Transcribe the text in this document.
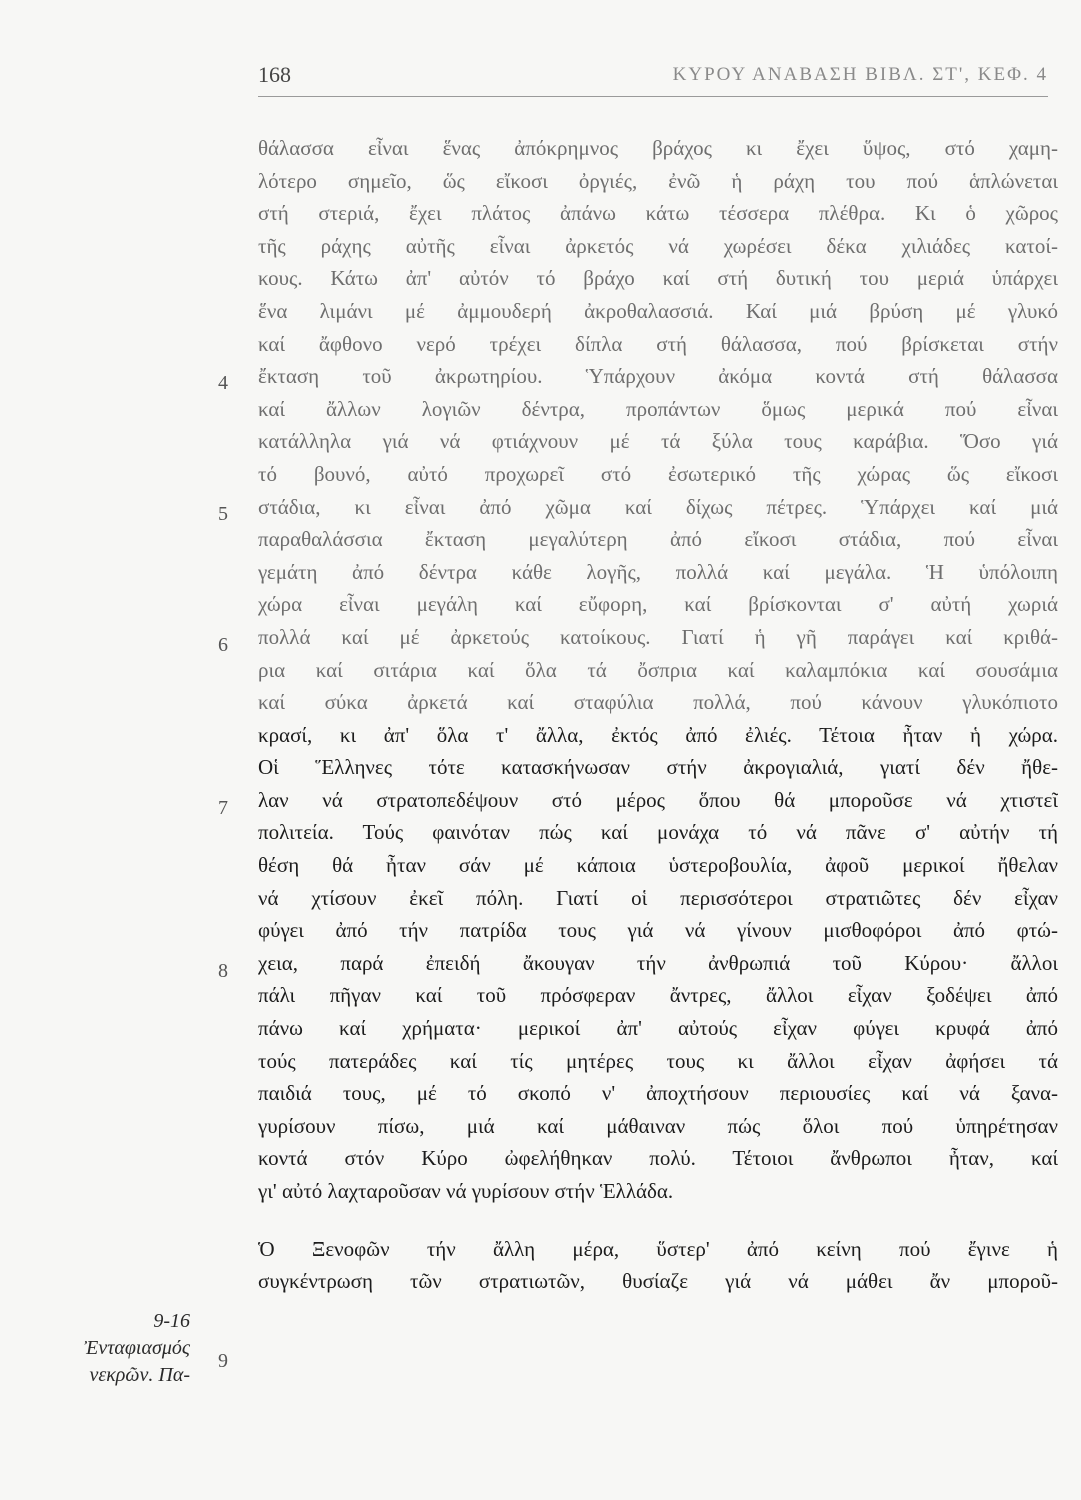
168	ΚΥΡΟΥ ΑΝΑΒΑΣΗ ΒΙΒΛ. ΣΤ', ΚΕΦ. 4
4
5
6
7
8
9
9-16
Ἐνταφιασμός
νεκρῶν. Πα-
θάλασσα εἶναι ἕνας ἀπόκρημνος βράχος κι ἔχει ὕψος, στό χαμη-
λότερο σημεῖο, ὥς εἴκοσι ὀργιές, ἐνῶ ἡ ράχη του πού ἁπλώνεται
στή στεριά, ἔχει πλάτος ἀπάνω κάτω τέσσερα πλέθρα. Κι ὁ χῶρος
τῆς ράχης αὐτῆς εἶναι ἀρκετός νά χωρέσει δέκα χιλιάδες κατοί-
κους. Κάτω ἀπ' αὐτόν τό βράχο καί στή δυτική του μεριά ὑπάρχει
ἕνα λιμάνι μέ ἀμμουδερή ἀκροθαλασσιά. Καί μιά βρύση μέ γλυκό
καί ἄφθονο νερό τρέχει δίπλα στή θάλασσα, πού βρίσκεται στήν
ἔκταση τοῦ ἀκρωτηρίου. Ὑπάρχουν ἀκόμα κοντά στή θάλασσα
καί ἄλλων λογιῶν δέντρα, προπάντων ὅμως μερικά πού εἶναι
κατάλληλα γιά νά φτιάχνουν μέ τά ξύλα τους καράβια. Ὅσο γιά
τό βουνό, αὐτό προχωρεῖ στό ἐσωτερικό τῆς χώρας ὥς εἴκοσι
στάδια, κι εἶναι ἀπό χῶμα καί δίχως πέτρες. Ὑπάρχει καί μιά
παραθαλάσσια ἔκταση μεγαλύτερη ἀπό εἴκοσι στάδια, πού εἶναι
γεμάτη ἀπό δέντρα κάθε λογῆς, πολλά καί μεγάλα. Ἡ ὑπόλοιπη
χώρα εἶναι μεγάλη καί εὔφορη, καί βρίσκονται σ' αὐτή χωριά
πολλά καί μέ ἀρκετούς κατοίκους. Γιατί ἡ γῆ παράγει καί κριθά-
ρια καί σιτάρια καί ὅλα τά ὄσπρια καί καλαμπόκια καί σουσάμια
καί σύκα ἀρκετά καί σταφύλια πολλά, πού κάνουν γλυκόπιοτο
κρασί, κι ἀπ' ὅλα τ' ἄλλα, ἐκτός ἀπό ἐλιές. Τέτοια ἦταν ἡ χώρα.
Οἱ Ἕλληνες τότε κατασκήνωσαν στήν ἀκρογιαλιά, γιατί δέν ἤθε-
λαν νά στρατοπεδέψουν στό μέρος ὅπου θά μποροῦσε νά χτιστεῖ
πολιτεία. Τούς φαινόταν πώς καί μονάχα τό νά πᾶνε σ' αὐτήν τή
θέση θά ἦταν σάν μέ κάποια ὑστεροβουλία, ἀφοῦ μερικοί ἤθελαν
νά χτίσουν ἐκεῖ πόλη. Γιατί οἱ περισσότεροι στρατιῶτες δέν εἶχαν
φύγει ἀπό τήν πατρίδα τους γιά νά γίνουν μισθοφόροι ἀπό φτώ-
χεια, παρά ἐπειδή ἄκουγαν τήν ἀνθρωπιά τοῦ Κύρου· ἄλλοι
πάλι πῆγαν καί τοῦ πρόσφεραν ἄντρες, ἄλλοι εἶχαν ξοδέψει ἀπό
πάνω καί χρήματα· μερικοί ἀπ' αὐτούς εἶχαν φύγει κρυφά ἀπό
τούς πατεράδες καί τίς μητέρες τους κι ἄλλοι εἶχαν ἀφήσει τά
παιδιά τους, μέ τό σκοπό ν' ἀποχτήσουν περιουσίες καί νά ξανα-
γυρίσουν πίσω, μιά καί μάθαιναν πώς ὅλοι πού ὑπηρέτησαν
κοντά στόν Κύρο ὠφελήθηκαν πολύ. Τέτοιοι ἄνθρωποι ἦταν, καί
γι' αὐτό λαχταροῦσαν νά γυρίσουν στήν Ἑλλάδα.
Ὁ Ξενοφῶν τήν ἄλλη μέρα, ὕστερ' ἀπό κείνη πού ἔγινε ἡ
συγκέντρωση τῶν στρατιωτῶν, θυσίαζε γιά νά μάθει ἄν μποροῦ-
